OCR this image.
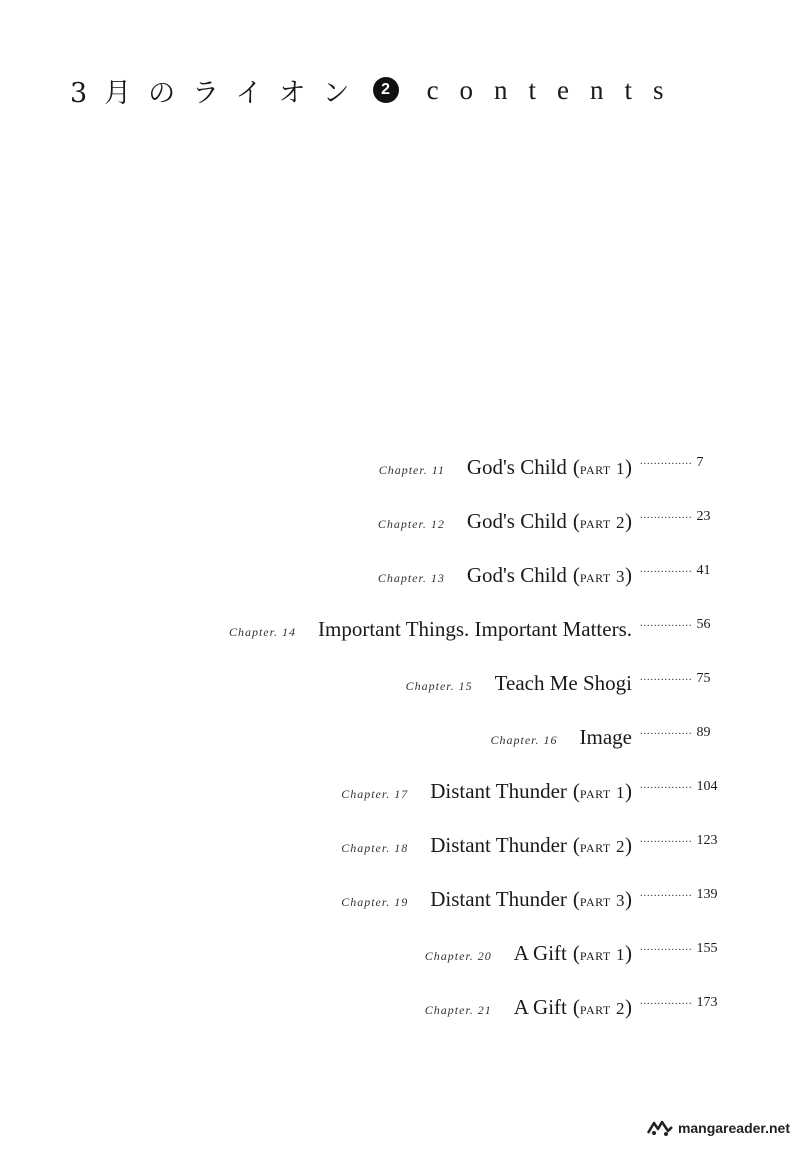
3月のライオン 2	contents
Chapter. 11 God's Child (part 1) ............... 7
Chapter. 12 God's Child (part 2) ............... 23
Chapter. 13 God's Child (part 3) ............... 41
Chapter. 14 Important Things. Important Matters. ............... 56
Chapter. 15 Teach Me Shogi ............... 75
Chapter. 16 Image ............... 89
Chapter. 17 Distant Thunder (part 1) ............... 104
Chapter. 18 Distant Thunder (part 2) ............... 123
Chapter. 19 Distant Thunder (part 3) ............... 139
Chapter. 20 A Gift (part 1) ............... 155
Chapter. 21 A Gift (part 2) ............... 173
mangareader.net
